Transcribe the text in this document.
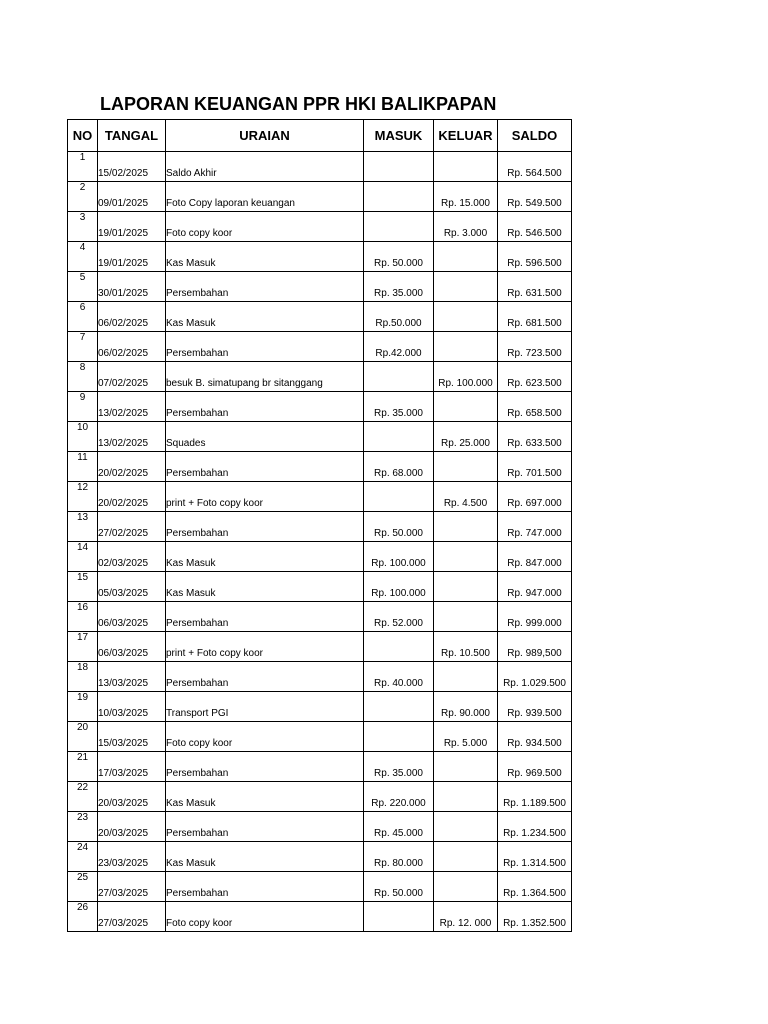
LAPORAN KEUANGAN PPR HKI BALIKPAPAN
NO	TANGAL	URAIAN	MASUK	KELUAR	SALDO
1	15/02/2025	Saldo Akhir			Rp. 564.500
2	09/01/2025	Foto Copy laporan keuangan		Rp. 15.000	Rp. 549.500
3	19/01/2025	Foto copy koor		Rp. 3.000	Rp. 546.500
4	19/01/2025	Kas Masuk	Rp. 50.000		Rp. 596.500
5	30/01/2025	Persembahan	Rp. 35.000		Rp. 631.500
6	06/02/2025	Kas Masuk	Rp.50.000		Rp. 681.500
7	06/02/2025	Persembahan	Rp.42.000		Rp. 723.500
8	07/02/2025	besuk B. simatupang br sitanggang		Rp. 100.000	Rp. 623.500
9	13/02/2025	Persembahan	Rp. 35.000		Rp. 658.500
10	13/02/2025	Squades		Rp. 25.000	Rp. 633.500
11	20/02/2025	Persembahan	Rp. 68.000		Rp. 701.500
12	20/02/2025	print + Foto copy koor		Rp. 4.500	Rp. 697.000
13	27/02/2025	Persembahan	Rp. 50.000		Rp. 747.000
14	02/03/2025	Kas Masuk	Rp. 100.000		Rp. 847.000
15	05/03/2025	Kas Masuk	Rp. 100.000		Rp. 947.000
16	06/03/2025	Persembahan	Rp. 52.000		Rp. 999.000
17	06/03/2025	print + Foto copy koor		Rp. 10.500	Rp. 989,500
18	13/03/2025	Persembahan	Rp. 40.000		Rp. 1.029.500
19	10/03/2025	Transport PGI		Rp. 90.000	Rp. 939.500
20	15/03/2025	Foto copy koor		Rp. 5.000	Rp. 934.500
21	17/03/2025	Persembahan	Rp. 35.000		Rp. 969.500
22	20/03/2025	Kas Masuk	Rp. 220.000		Rp. 1.189.500
23	20/03/2025	Persembahan	Rp. 45.000		Rp. 1.234.500
24	23/03/2025	Kas Masuk	Rp. 80.000		Rp. 1.314.500
25	27/03/2025	Persembahan	Rp. 50.000		Rp. 1.364.500
26	27/03/2025	Foto copy koor		Rp. 12. 000	Rp. 1.352.500
